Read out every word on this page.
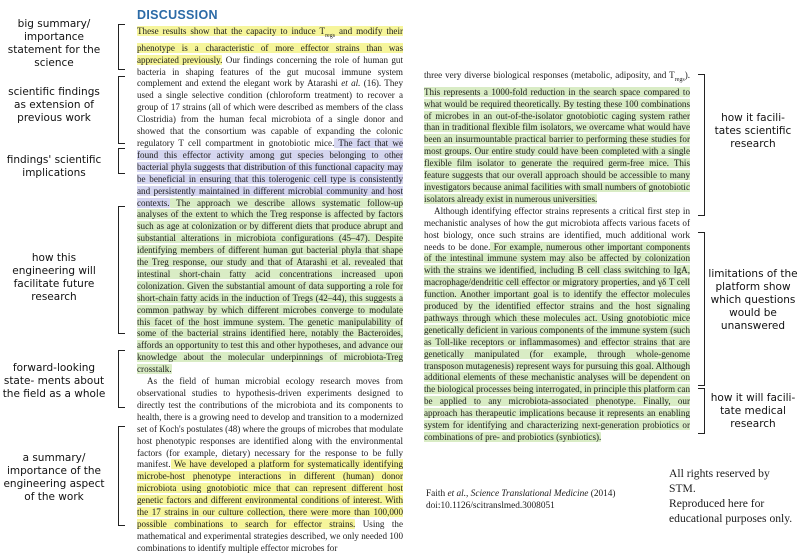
big summary/ importance statement for the science
scientific findings as extension of previous work
findings' scientific implications
how this engineering will facilitate future research
forward-looking state- ments about the field as a whole
a summary/ importance of the engineering aspect of the work
DISCUSSION

These results show that the capacity to induce $T_{regs}$ and modify their phenotype is a characteristic of more effector strains than was appreciated previously. Our findings concerning the role of human gut bacteria in shaping features of the gut mucosal immune system complement and extend the elegant work by Atarashi et al. (16). They used a single selective condition (chloroform treatment) to recover a group of 17 strains (all of which were described as members of the class Clostridia) from the human fecal microbiota of a single donor and showed that the consortium was capable of expanding the colonic regulatory T cell compartment in gnotobiotic mice. The fact that we found this effector activity among gut species belonging to other bacterial phyla suggests that distribution of this functional capacity may be beneficial in ensuring that this tolerogenic cell type is consistently and persistently maintained in different microbial community and host contexts. The approach we describe allows systematic follow-up analyses of the extent to which the Treg response is affected by factors such as age at colonization or by different diets that produce abrupt and substantial alterations in microbiota configurations (45–47). Despite identifying members of different human gut bacterial phyla that shape the Treg response, our study and that of Atarashi et al. revealed that intestinal short-chain fatty acid concentrations increased upon colonization. Given the substantial amount of data supporting a role for short-chain fatty acids in the induction of Tregs (42–44), this suggests a common pathway by which different microbes converge to modulate this facet of the host immune system. The genetic manipulability of some of the bacterial strains identified here, notably the Bacteroides, affords an opportunity to test this and other hypotheses, and advance our knowledge about the molecular underpinnings of microbiota-Treg crosstalk.

As the field of human microbial ecology research moves from observational studies to hypothesis-driven experiments designed to directly test the contributions of the microbiota and its components to health, there is a growing need to develop and transition to a modernized set of Koch's postulates (48) where the groups of microbes that modulate host phenotypic responses are identified along with the environmental factors (for example, dietary) necessary for the response to be fully manifest. We have developed a platform for systematically identifying microbe-host phenotype interactions in different (human) donor microbiota using gnotobiotic mice that can represent different host genetic factors and different environmental conditions of interest. With the 17 strains in our culture collection, there were more than 100,000 possible combinations to search for effector strains. Using the mathematical and experimental strategies described, we only needed 100 combinations to identify multiple effector microbes for

three very diverse biological responses (metabolic, adiposity, and $T_{regs}$). This represents a 1000-fold reduction in the search space compared to what would be required theoretically. By testing these 100 combinations of microbes in an out-of-the-isolator gnotobiotic caging system rather than in traditional flexible film isolators, we overcame what would have been an insurmountable practical barrier to performing these studies for most groups. Our entire study could have been completed with a single flexible film isolator to generate the required germ-free mice. This feature suggests that our overall approach should be accessible to many investigators because animal facilities with small numbers of gnotobiotic isolators already exist in numerous universities.

Although identifying effector strains represents a critical first step in mechanistic analyses of how the gut microbiota affects various facets of host biology, once such strains are identified, much additional work needs to be done. For example, numerous other important components of the intestinal immune system may also be affected by colonization with the strains we identified, including B cell class switching to IgA, macrophage/dendritic cell effector or migratory properties, and γδ T cell function. Another important goal is to identify the effector molecules produced by the identified effector strains and the host signaling pathways through which these molecules act. Using gnotobiotic mice genetically deficient in various components of the immune system (such as Toll-like receptors or inflammasomes) and effector strains that are genetically manipulated (for example, through whole-genome transposon mutagenesis) represent ways for pursuing this goal. Although additional elements of these mechanistic analyses will be dependent on the biological processes being interrogated, in principle this platform can be applied to any microbiota-associated phenotype. Finally, our approach has therapeutic implications because it represents an enabling system for identifying and characterizing next-generation probiotics or combinations of pre- and probiotics (synbiotics).

how it facili- tates scientific research
limitations of the platform show which questions would be unanswered
how it will facili- tate medical research
Faith et al., Science Translational Medicine (2014)
doi:10.1126/scitranslmed.3008051
All rights reserved by STM.
Reproduced here for
educational purposes only.
